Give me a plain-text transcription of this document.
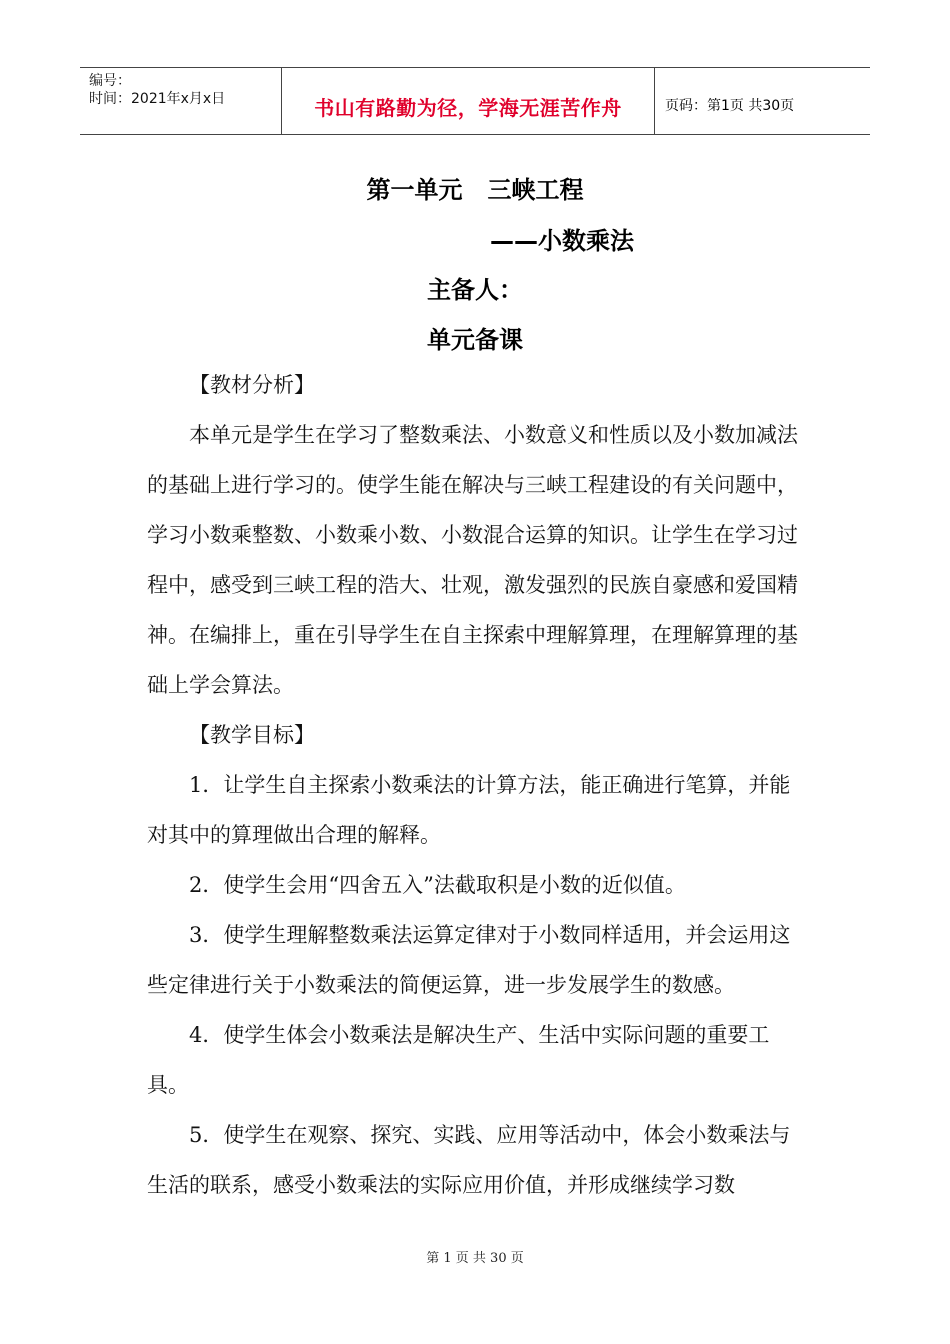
编号：
时间：2021年x月x日	书山有路勤为径，学海无涯苦作舟	页码：第1页 共30页
第一单元   三峡工程
——小数乘法
主备人：
单元备课

【教材分析】

本单元是学生在学习了整数乘法、小数意义和性质以及小数加减法的基础上进行学习的。使学生能在解决与三峡工程建设的有关问题中，学习小数乘整数、小数乘小数、小数混合运算的知识。让学生在学习过程中，感受到三峡工程的浩大、壮观，激发强烈的民族自豪感和爱国精神。在编排上，重在引导学生在自主探索中理解算理，在理解算理的基础上学会算法。

【教学目标】

1．让学生自主探索小数乘法的计算方法，能正确进行笔算，并能对其中的算理做出合理的解释。

2．使学生会用“四舍五入”法截取积是小数的近似值。

3．使学生理解整数乘法运算定律对于小数同样适用，并会运用这些定律进行关于小数乘法的简便运算，进一步发展学生的数感。

4．使学生体会小数乘法是解决生产、生活中实际问题的重要工具。

5．使学生在观察、探究、实践、应用等活动中，体会小数乘法与生活的联系，感受小数乘法的实际应用价值，并形成继续学习数

第 1 页 共 30 页
